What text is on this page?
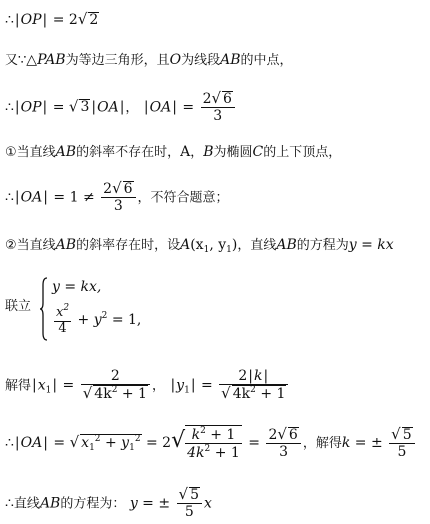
∴|OP| = 2√ 2
又∵△PAB为等边三角形，且O为线段AB的中点，
∴|OP| = √ 3 |OA|， $|OA| = \frac{2√ 6}{3}$
①当直线AB的斜率不存在时，A，B为椭圆C的上下顶点，
∴|OA| = $1 \ne \frac{2√ 6}{3}$ ，不符合题意；
②当直线AB的斜率存在时，设$A(x_1$, $y_1$)，直线AB的方程为y = kx
联立
y = kx,
$\frac{x^2}{4} + y^2 = 1$,
解得$|x_1| = \frac{2}{√ 4k^2 + 1}$ ， $|y_1| = \frac{2|k|}{√ 4k^2 + 1}$
∴|OA| = √ $x_1^2 + y_1^2 = 2√ \frac{k^2 + 1}{4k^2 + 1} = \frac{2√ 6}{3}$ ，解得k = ± $\frac{√ 5}{5}$
∴直线AB的方程为： y = ± $\frac{√ 5}{5}$ x
